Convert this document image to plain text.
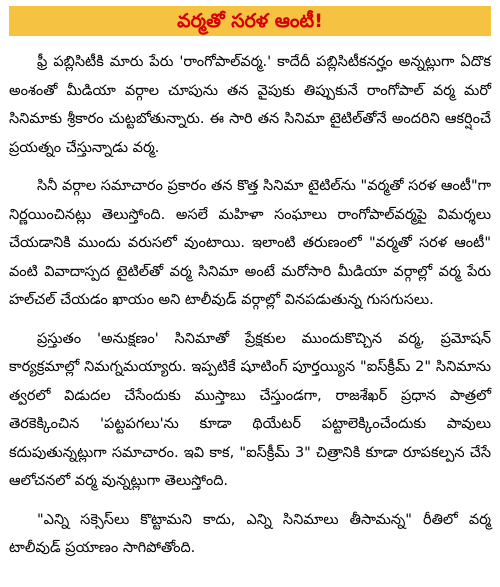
వర్మతో సరళ ఆంటీ!

ఫ్రీ పబ్లిసిటీకి మారు పేరు 'రాంగోపాల్‌వర్మ.' కాదేదీ పబ్లిసిటీకనర్హం అన్నట్లుగా ఏదొక అంశంతో మీడియా వర్గాల చూపును తన వైపుకు తిప్పుకునే రాంగోపాల్ వర్మ మరో సినిమాకు శ్రీకారం చుట్టబోతున్నారు. ఈ సారి తన సినిమా టైటిల్‌తోనే అందరిని ఆకర్షించే ప్రయత్నం చేస్తున్నాడు వర్మ.

సినీ వర్గాల సమాచారం ప్రకారం తన కొత్త సినిమా టైటిల్‌ను "వర్మతో సరళ ఆంటీ"గా నిర్ణయించినట్లు తెలుస్తోంది. అసలే మహిళా సంఘాలు రాంగోపాల్‌వర్మపై విమర్శలు చేయడానికి ముందు వరుసలో వుంటాయి. ఇలాంటి తరుణంలో "వర్మతో సరళ ఆంటీ" వంటి వివాదాస్పద టైటిల్‌తో వర్మ సినిమా అంటే మరోసారి మీడియా వర్గాల్లో వర్మ పేరు హల్‌చల్ చేయడం ఖాయం అని టాలీవుడ్ వర్గాల్లో వినపడుతున్న గుసగుసలు.

ప్రస్తుతం 'అనుక్షణం' సినిమాతో ప్రేక్షకుల ముందుకొచ్చిన వర్మ, ప్రమోషన్ కార్యక్రమాల్లో నిమగ్నమయ్యారు. ఇప్పటికే షూటింగ్ పూర్తయ్యిన "ఐస్‌క్రీమ్ 2" సినిమాను త్వరలో విడుదల చేసేందుకు ముస్తాబు చేస్తుండగా, రాజశేఖర్ ప్రధాన పాత్రలో తెరకెక్కించిన 'పట్టపగలు'ను కూడా థియేటర్ పట్టాలెక్కించేందుకు పావులు కదుపుతున్నట్లుగా సమాచారం. ఇవి కాక, "ఐస్‌క్రీమ్ 3" చిత్రానికి కూడా రూపకల్పన చేసే ఆలోచనలో వర్మ వున్నట్లుగా తెలుస్తోంది.

"ఎన్ని సక్సెస్‌లు కొట్టామని కాదు, ఎన్ని సినిమాలు తీసామన్న" రీతిలో వర్మ టాలీవుడ్ ప్రయాణం సాగిపోతోంది.
